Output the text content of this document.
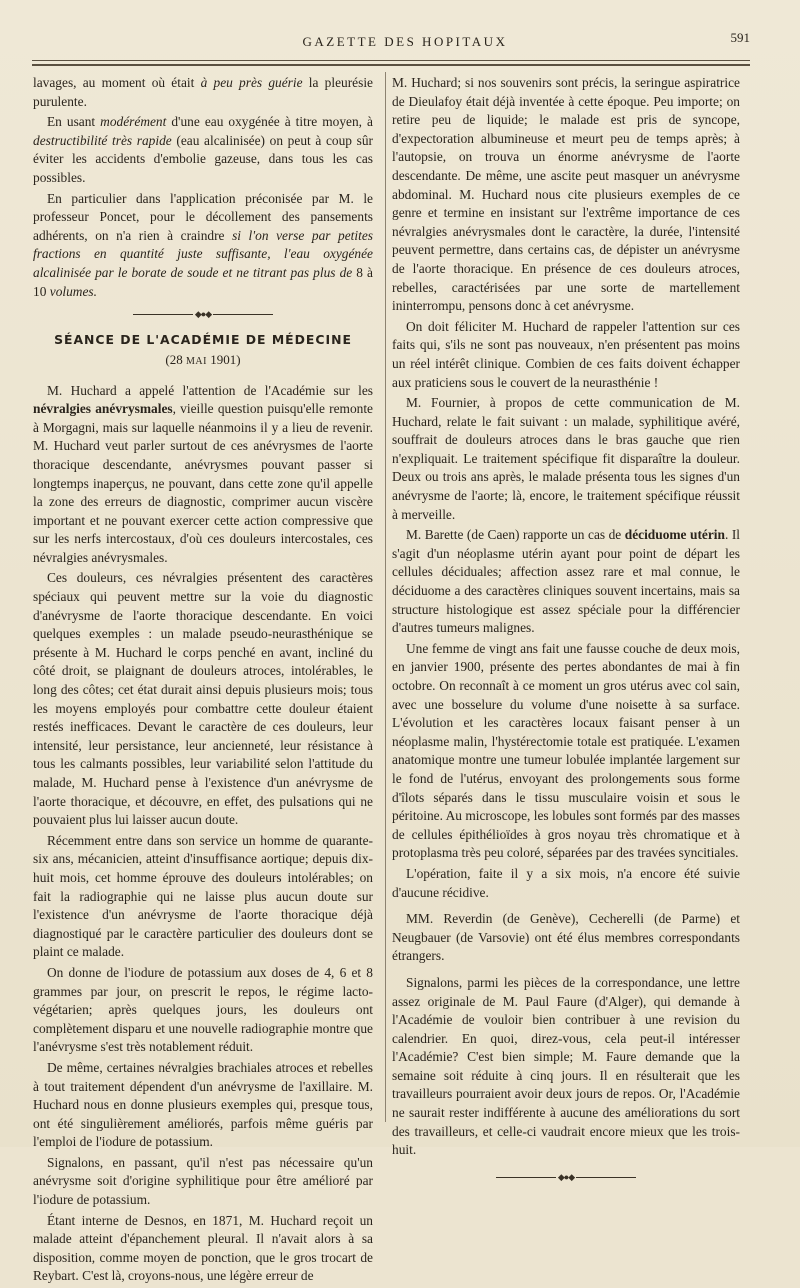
GAZETTE DES HOPITAUX	591

lavages, au moment où était à peu près guérie la pleurésie purulente.

En usant modérément d'une eau oxygénée à titre moyen, à destructibilité très rapide (eau alcalinisée) on peut à coup sûr éviter les accidents d'embolie gazeuse, dans tous les cas possibles.

En particulier dans l'application préconisée par M. le professeur Poncet, pour le décollement des pansements adhérents, on n'a rien à craindre si l'on verse par petites fractions en quantité juste suffisante, l'eau oxygénée alcalinisée par le borate de soude et ne titrant pas plus de 8 à 10 volumes.

◆●◆
SÉANCE DE L'ACADÉMIE DE MÉDECINE
(28 MAI 1901)

M. Huchard a appelé l'attention de l'Académie sur les névralgies anévrysmales, vieille question puisqu'elle remonte à Morgagni, mais sur laquelle néanmoins il y a lieu de revenir. M. Huchard veut parler surtout de ces anévrysmes de l'aorte thoracique descendante, anévrysmes pouvant passer si longtemps inaperçus, ne pouvant, dans cette zone qu'il appelle la zone des erreurs de diagnostic, comprimer aucun viscère important et ne pouvant exercer cette action compressive que sur les nerfs intercostaux, d'où ces douleurs intercostales, ces névralgies anévrysmales.

Ces douleurs, ces névralgies présentent des caractères spéciaux qui peuvent mettre sur la voie du diagnostic d'anévrysme de l'aorte thoracique descendante. En voici quelques exemples : un malade pseudo-neurasthénique se présente à M. Huchard le corps penché en avant, incliné du côté droit, se plaignant de douleurs atroces, intolérables, le long des côtes; cet état durait ainsi depuis plusieurs mois; tous les moyens employés pour combattre cette douleur étaient restés inefficaces. Devant le caractère de ces douleurs, leur intensité, leur persistance, leur ancienneté, leur résistance à tous les calmants possibles, leur variabilité selon l'attitude du malade, M. Huchard pense à l'existence d'un anévrysme de l'aorte thoracique, et découvre, en effet, des pulsations qui ne pouvaient plus lui laisser aucun doute.

Récemment entre dans son service un homme de quarante-six ans, mécanicien, atteint d'insuffisance aortique; depuis dix-huit mois, cet homme éprouve des douleurs intolérables; on fait la radiographie qui ne laisse plus aucun doute sur l'existence d'un anévrysme de l'aorte thoracique déjà diagnostiqué par le caractère particulier des douleurs dont se plaint ce malade.

On donne de l'iodure de potassium aux doses de 4, 6 et 8 grammes par jour, on prescrit le repos, le régime lacto-végétarien; après quelques jours, les douleurs ont complètement disparu et une nouvelle radiographie montre que l'anévrysme s'est très notablement réduit.

De même, certaines névralgies brachiales atroces et rebelles à tout traitement dépendent d'un anévrysme de l'axillaire. M. Huchard nous en donne plusieurs exemples qui, presque tous, ont été singulièrement améliorés, parfois même guéris par l'emploi de l'iodure de potassium.

Signalons, en passant, qu'il n'est pas nécessaire qu'un anévrysme soit d'origine syphilitique pour être amélioré par l'iodure de potassium.

Étant interne de Desnos, en 1871, M. Huchard reçoit un malade atteint d'épanchement pleural. Il n'avait alors à sa disposition, comme moyen de ponction, que le gros trocart de Reybart. C'est là, croyons-nous, une légère erreur de

M. Huchard; si nos souvenirs sont précis, la seringue aspiratrice de Dieulafoy était déjà inventée à cette époque. Peu importe; on retire peu de liquide; le malade est pris de syncope, d'expectoration albumineuse et meurt peu de temps après; à l'autopsie, on trouva un énorme anévrysme de l'aorte descendante. De même, une ascite peut masquer un anévrysme abdominal. M. Huchard nous cite plusieurs exemples de ce genre et termine en insistant sur l'extrême importance de ces névralgies anévrysmales dont le caractère, la durée, l'intensité peuvent permettre, dans certains cas, de dépister un anévrysme de l'aorte thoracique. En présence de ces douleurs atroces, rebelles, caractérisées par une sorte de martellement ininterrompu, pensons donc à cet anévrysme.

On doit féliciter M. Huchard de rappeler l'attention sur ces faits qui, s'ils ne sont pas nouveaux, n'en présentent pas moins un réel intérêt clinique. Combien de ces faits doivent échapper aux praticiens sous le couvert de la neurasthénie !

M. Fournier, à propos de cette communication de M. Huchard, relate le fait suivant : un malade, syphilitique avéré, souffrait de douleurs atroces dans le bras gauche que rien n'expliquait. Le traitement spécifique fit disparaître la douleur. Deux ou trois ans après, le malade présenta tous les signes d'un anévrysme de l'aorte; là, encore, le traitement spécifique réussit à merveille.

M. Barette (de Caen) rapporte un cas de déciduome utérin. Il s'agit d'un néoplasme utérin ayant pour point de départ les cellules déciduales; affection assez rare et mal connue, le déciduome a des caractères cliniques souvent incertains, mais sa structure histologique est assez spéciale pour la différencier d'autres tumeurs malignes.

Une femme de vingt ans fait une fausse couche de deux mois, en janvier 1900, présente des pertes abondantes de mai à fin octobre. On reconnaît à ce moment un gros utérus avec col sain, avec une bosselure du volume d'une noisette à sa surface. L'évolution et les caractères locaux faisant penser à un néoplasme malin, l'hystérectomie totale est pratiquée. L'examen anatomique montre une tumeur lobulée implantée largement sur le fond de l'utérus, envoyant des prolongements sous forme d'îlots séparés dans le tissu musculaire voisin et sous le péritoine. Au microscope, les lobules sont formés par des masses de cellules épithélioïdes à gros noyau très chromatique et à protoplasma très peu coloré, séparées par des travées syncitiales.

L'opération, faite il y a six mois, n'a encore été suivie d'aucune récidive.

MM. Reverdin (de Genève), Cecherelli (de Parme) et Neugbauer (de Varsovie) ont été élus membres correspondants étrangers.

Signalons, parmi les pièces de la correspondance, une lettre assez originale de M. Paul Faure (d'Alger), qui demande à l'Académie de vouloir bien contribuer à une revision du calendrier. En quoi, direz-vous, cela peut-il intéresser l'Académie? C'est bien simple; M. Faure demande que la semaine soit réduite à cinq jours. Il en résulterait que les travailleurs pourraient avoir deux jours de repos. Or, l'Académie ne saurait rester indifférente à aucune des améliorations du sort des travailleurs, et celle-ci vaudrait encore mieux que les trois-huit.

◆●◆
